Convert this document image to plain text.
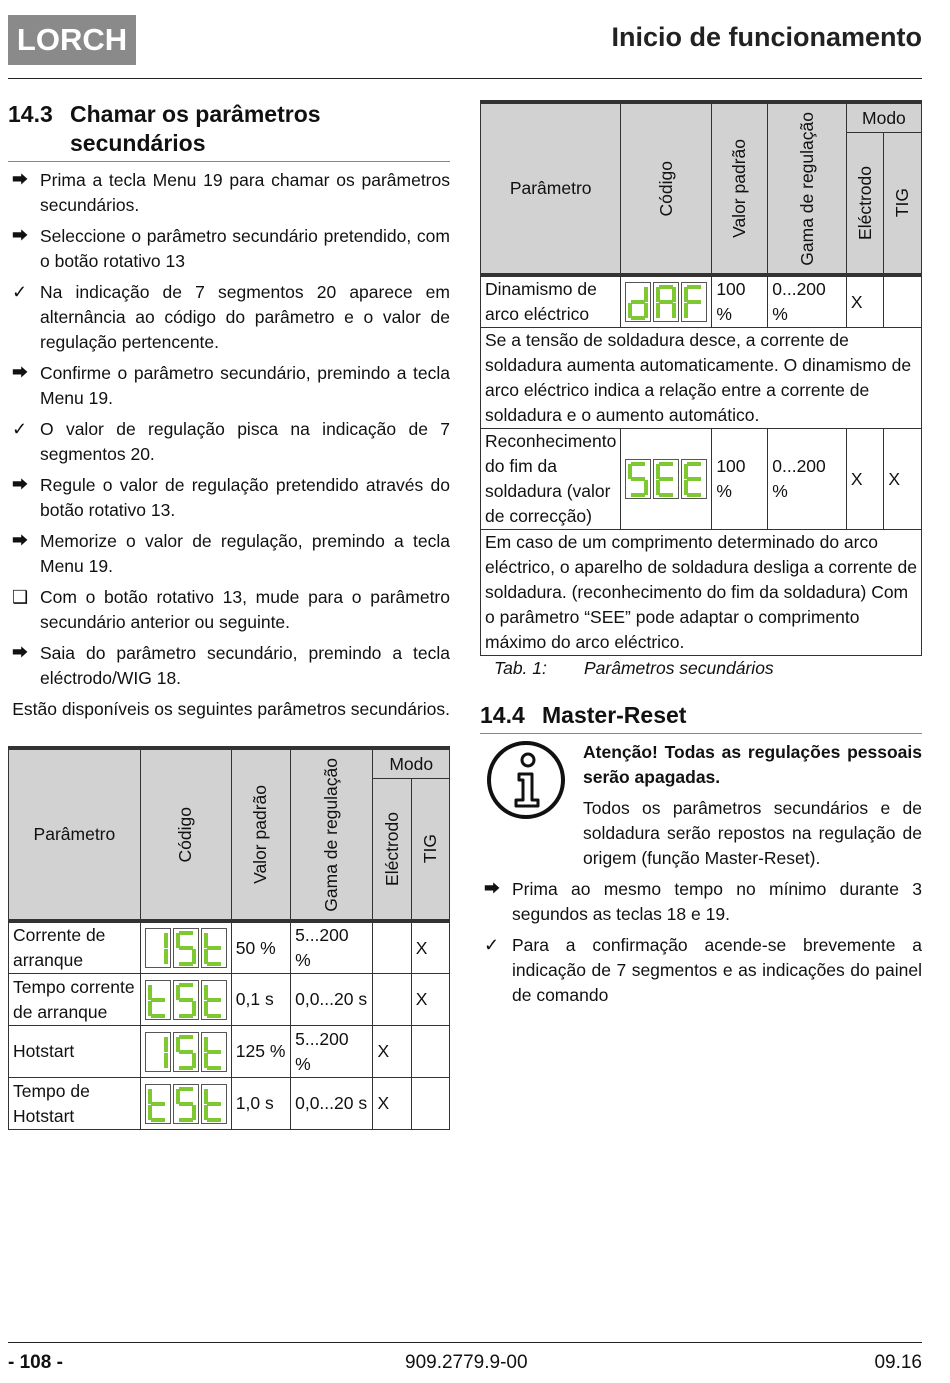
LORCH	Inicio de funcionamento
14.3 Chamar os parâmetros secundários
⮕ Prima a tecla Menu 19 para chamar os parâmetros secundários.
⮕ Seleccione o parâmetro secundário pretendido, com o botão rotativo 13
✓ Na indicação de 7 segmentos 20 aparece em alternância ao código do parâmetro e o valor de regulação pertencente.
⮕ Confirme o parâmetro secundário, premindo a tecla Menu 19.
✓ O valor de regulação pisca na indicação de 7 segmentos 20.
⮕ Regule o valor de regulação pretendido através do botão rotativo 13.
⮕ Memorize o valor de regulação, premindo a tecla Menu 19.
❑ Com o botão rotativo 13, mude para o parâmetro secundário anterior ou seguinte.
⮕ Saia do parâmetro secundário, premindo a tecla eléctrodo/WIG 18.
Estão disponíveis os seguintes parâmetros secundários.
Parâmetro	Código	Valor padrão	Gama de regulação	Modo	

				Eléctrodo	TIG

Corrente de arranque		50 %	5...200 %		X
Tempo corrente de arranque		0,1 s	0,0...20 s		X
Hotstart		125 %	5...200 %	X	
Tempo de Hotstart		1,0 s	0,0...20 s	X	
Parâmetro	Código	Valor padrão	Gama de regulação	Modo	

				Eléctrodo	TIG

Dinamismo de arco eléctrico		100 %	0...200 %	X	
Se a tensão de soldadura desce, a corrente de soldadura aumenta automaticamente. O dinamismo de arco eléctrico indica a relação entre a corrente de soldadura e o aumento automático.					
Reconhecimento do fim da soldadura (valor de correcção)		100 %	0...200 %	X	X
Em caso de um comprimento determinado do arco eléctrico, o aparelho de soldadura desliga a corrente de soldadura. (reconhecimento do fim da soldadura) Com o parâmetro “SEE” pode adaptar o comprimento máximo do arco eléctrico.					
Tab. 1: Parâmetros secundários
14.4 Master-Reset
Atenção! Todas as regulações pessoais serão apagadas.
Todos os parâmetros secundários e de soldadura serão repostos na regulação de origem (função Master-Reset).
⮕ Prima ao mesmo tempo no mínimo durante 3 segundos as teclas 18 e 19.
✓ Para a confirmação acende-se brevemente a indicação de 7 segmentos e as indicações do painel de comando
- 108 -	909.2779.9-00	09.16
